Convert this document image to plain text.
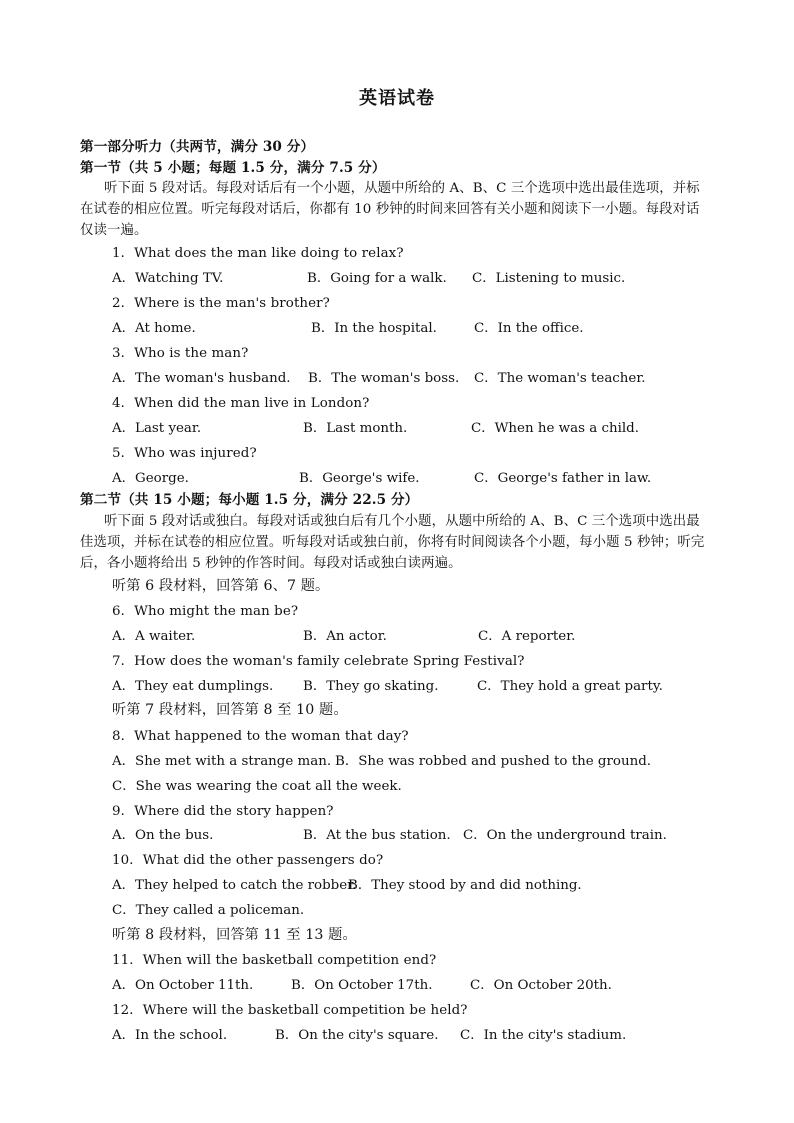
英语试卷
第一部分听力（共两节，满分 30 分）
第一节（共 5 小题；每题 1.5 分，满分 7.5 分）
听下面 5 段对话。每段对话后有一个小题，从题中所给的 A、B、C 三个选项中选出最佳选项，并标
在试卷的相应位置。听完每段对话后，你都有 10 秒钟的时间来回答有关小题和阅读下一小题。每段对话
仅读一遍。
1．What does the man like doing to relax?
A．Watching TV.	B．Going for a walk. C．Listening to music.
2．Where is the man's brother?
A．At home.	B．In the hospital.	C．In the office.
3．Who is the man?
A．The woman's husband. B．The woman's boss. C．The woman's teacher.
4．When did the man live in London?
A．Last year.	B．Last month.	C．When he was a child.
5．Who was injured?
A．George.	B．George's wife.	C．George's father in law.
第二节（共 15 小题；每小题 1.5 分，满分 22.5 分）
听下面 5 段对话或独白。每段对话或独白后有几个小题，从题中所给的 A、B、C 三个选项中选出最
佳选项，并标在试卷的相应位置。听每段对话或独白前，你将有时间阅读各个小题，每小题 5 秒钟；听完
后，各小题将给出 5 秒钟的作答时间。每段对话或独白读两遍。
听第 6 段材料，回答第 6、7 题。
6．Who might the man be?
A．A waiter.	B．An actor.	C．A reporter.
7．How does the woman's family celebrate Spring Festival?
A．They eat dumplings. B．They go skating.	C．They hold a great party.
听第 7 段材料，回答第 8 至 10 题。
8．What happened to the woman that day?
A．She met with a strange man. B．She was robbed and pushed to the ground.
C．She was wearing the coat all the week.
9．Where did the story happen?
A．On the bus.	B．At the bus station. C．On the underground train.
10．What did the other passengers do?
A．They helped to catch the robber.
B．They stood by and did nothing.
C．They called a policeman.
听第 8 段材料，回答第 11 至 13 题。
11．When will the basketball competition end?
A．On October 11th.	B．On October 17th.	C．On October 20th.
12．Where will the basketball competition be held?
A．In the school.	B．On the city's square. C．In the city's stadium.
